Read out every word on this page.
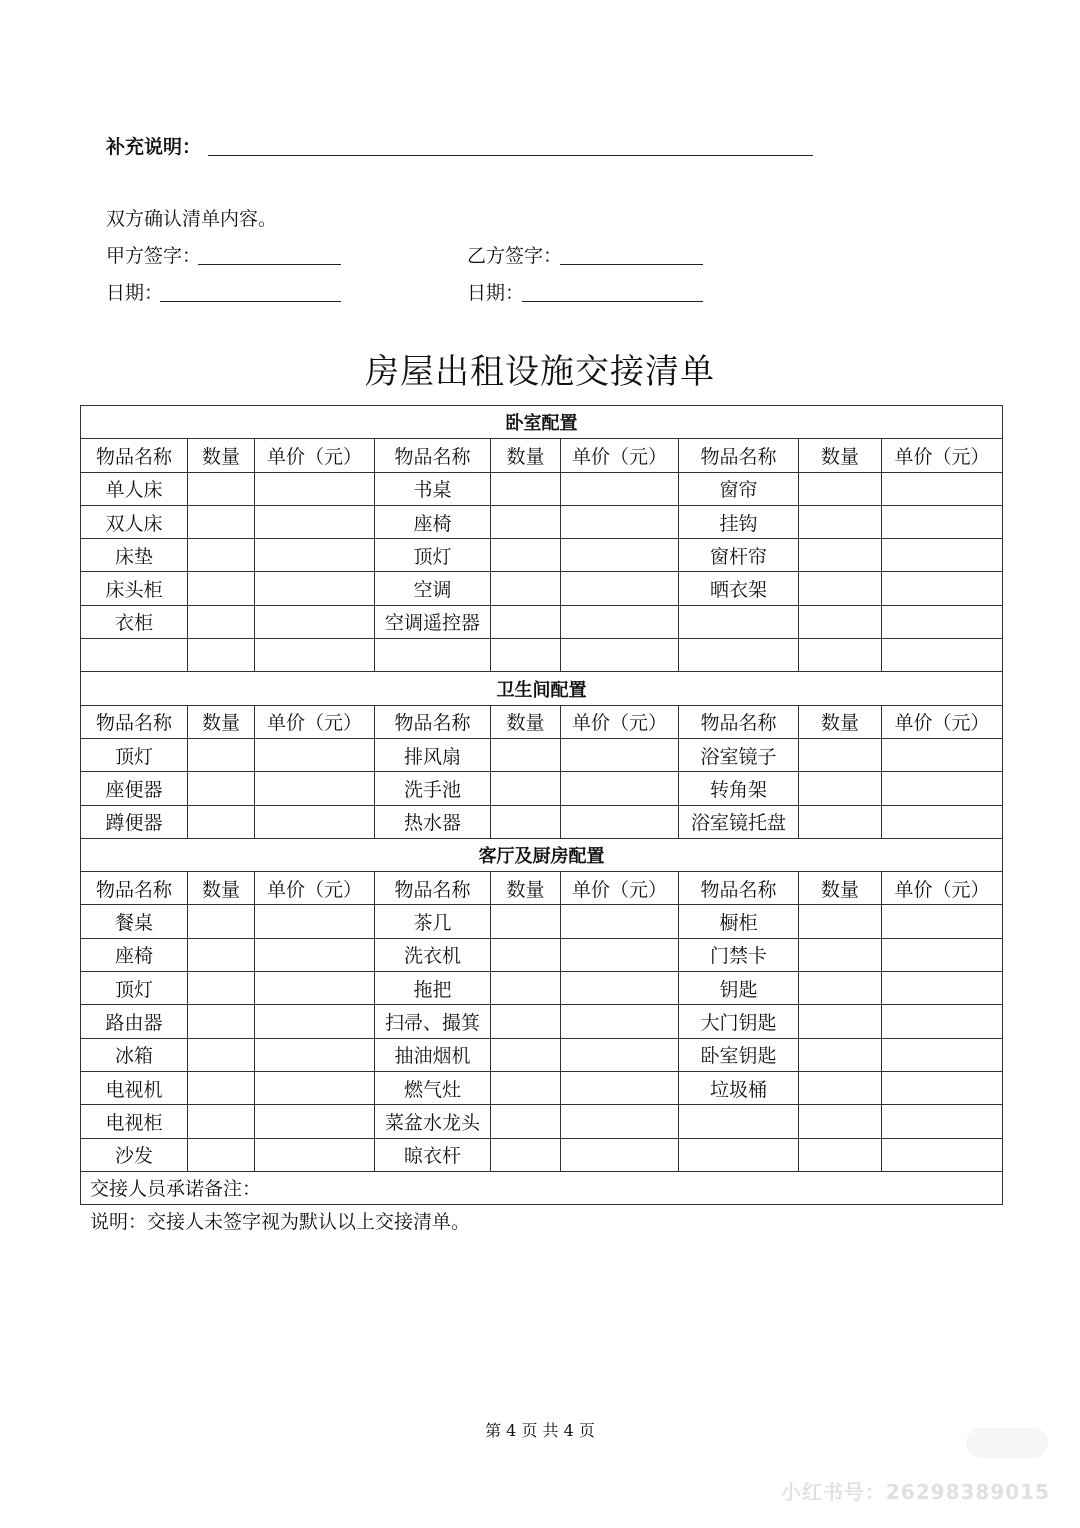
补充说明：
双方确认清单内容。
甲方签字：	乙方签字：
日期：	日期：
房屋出租设施交接清单
卧室配置								
物品名称	数量	单价（元）	物品名称	数量	单价（元）	物品名称	数量	单价（元）
单人床			书桌			窗帘		
双人床			座椅			挂钩		
床垫			顶灯			窗杆帘		
床头柜			空调			晒衣架		
衣柜			空调遥控器					

卫生间配置								
物品名称	数量	单价（元）	物品名称	数量	单价（元）	物品名称	数量	单价（元）
顶灯			排风扇			浴室镜子		
座便器			洗手池			转角架		
蹲便器			热水器			浴室镜托盘		
客厅及厨房配置								
物品名称	数量	单价（元）	物品名称	数量	单价（元）	物品名称	数量	单价（元）
餐桌			茶几			橱柜		
座椅			洗衣机			门禁卡		
顶灯			拖把			钥匙		
路由器			扫帚、撮箕			大门钥匙		
冰箱			抽油烟机			卧室钥匙		
电视机			燃气灶			垃圾桶		
电视柜			菜盆水龙头					
沙发			晾衣杆					
交接人员承诺备注：								
说明：交接人未签字视为默认以上交接清单。
第 4 页 共 4 页
小红书号：26298389015
